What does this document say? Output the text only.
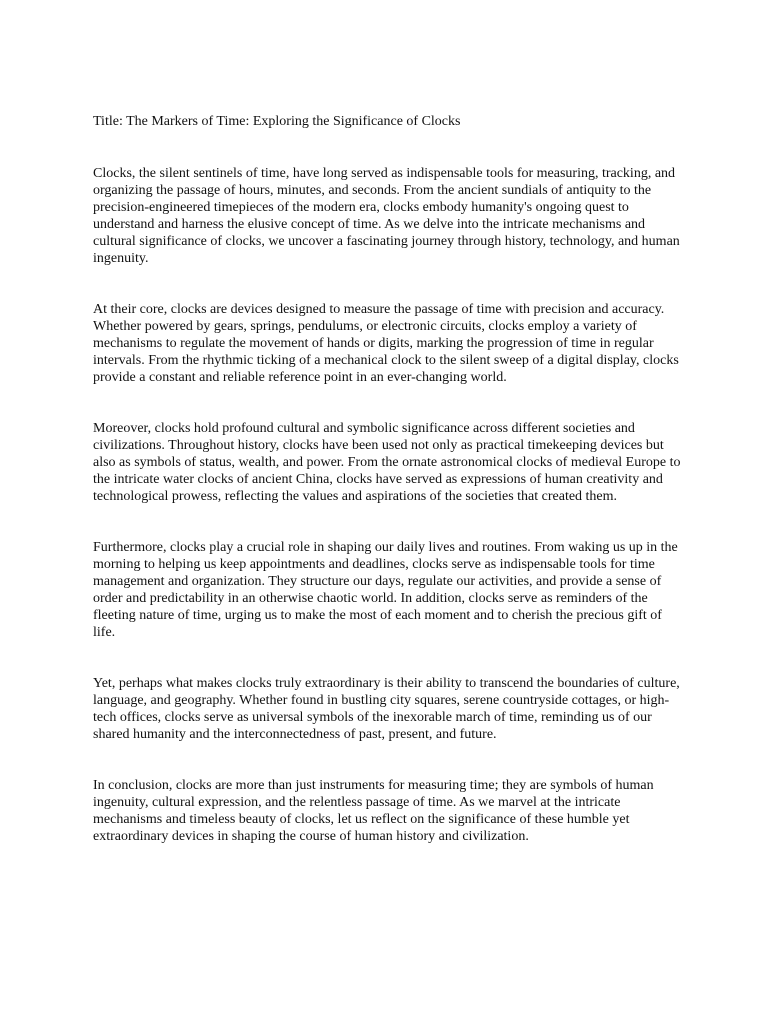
Title: The Markers of Time: Exploring the Significance of Clocks

Clocks, the silent sentinels of time, have long served as indispensable tools for measuring, tracking, and organizing the passage of hours, minutes, and seconds. From the ancient sundials of antiquity to the precision-engineered timepieces of the modern era, clocks embody humanity's ongoing quest to understand and harness the elusive concept of time. As we delve into the intricate mechanisms and cultural significance of clocks, we uncover a fascinating journey through history, technology, and human ingenuity.

At their core, clocks are devices designed to measure the passage of time with precision and accuracy. Whether powered by gears, springs, pendulums, or electronic circuits, clocks employ a variety of mechanisms to regulate the movement of hands or digits, marking the progression of time in regular intervals. From the rhythmic ticking of a mechanical clock to the silent sweep of a digital display, clocks provide a constant and reliable reference point in an ever-changing world.

Moreover, clocks hold profound cultural and symbolic significance across different societies and civilizations. Throughout history, clocks have been used not only as practical timekeeping devices but also as symbols of status, wealth, and power. From the ornate astronomical clocks of medieval Europe to the intricate water clocks of ancient China, clocks have served as expressions of human creativity and technological prowess, reflecting the values and aspirations of the societies that created them.

Furthermore, clocks play a crucial role in shaping our daily lives and routines. From waking us up in the morning to helping us keep appointments and deadlines, clocks serve as indispensable tools for time management and organization. They structure our days, regulate our activities, and provide a sense of order and predictability in an otherwise chaotic world. In addition, clocks serve as reminders of the fleeting nature of time, urging us to make the most of each moment and to cherish the precious gift of life.

Yet, perhaps what makes clocks truly extraordinary is their ability to transcend the boundaries of culture, language, and geography. Whether found in bustling city squares, serene countryside cottages, or high-tech offices, clocks serve as universal symbols of the inexorable march of time, reminding us of our shared humanity and the interconnectedness of past, present, and future.

In conclusion, clocks are more than just instruments for measuring time; they are symbols of human ingenuity, cultural expression, and the relentless passage of time. As we marvel at the intricate mechanisms and timeless beauty of clocks, let us reflect on the significance of these humble yet extraordinary devices in shaping the course of human history and civilization.
